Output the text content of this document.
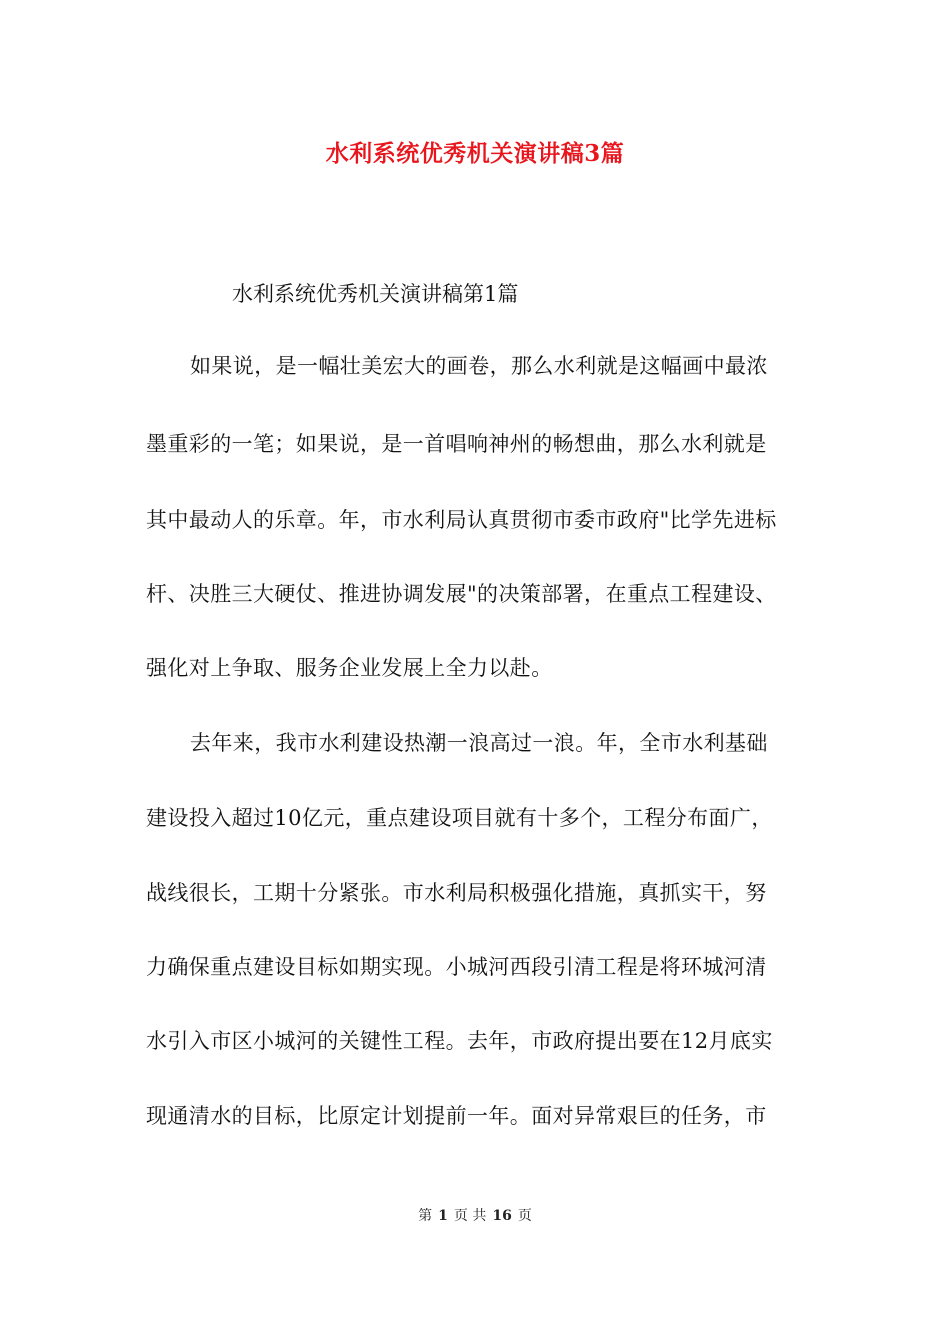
水利系统优秀机关演讲稿3篇

水利系统优秀机关演讲稿第1篇

如果说，是一幅壮美宏大的画卷，那么水利就是这幅画中最浓

墨重彩的一笔；如果说，是一首唱响神州的畅想曲，那么水利就是

其中最动人的乐章。年，市水利局认真贯彻市委市政府"比学先进标

杆、决胜三大硬仗、推进协调发展"的决策部署，在重点工程建设、

强化对上争取、服务企业发展上全力以赴。

去年来，我市水利建设热潮一浪高过一浪。年，全市水利基础

建设投入超过10亿元，重点建设项目就有十多个，工程分布面广，

战线很长，工期十分紧张。市水利局积极强化措施，真抓实干，努

力确保重点建设目标如期实现。小城河西段引清工程是将环城河清

水引入市区小城河的关键性工程。去年，市政府提出要在12月底实

现通清水的目标，比原定计划提前一年。面对异常艰巨的任务，市

第 1 页 共 16 页
